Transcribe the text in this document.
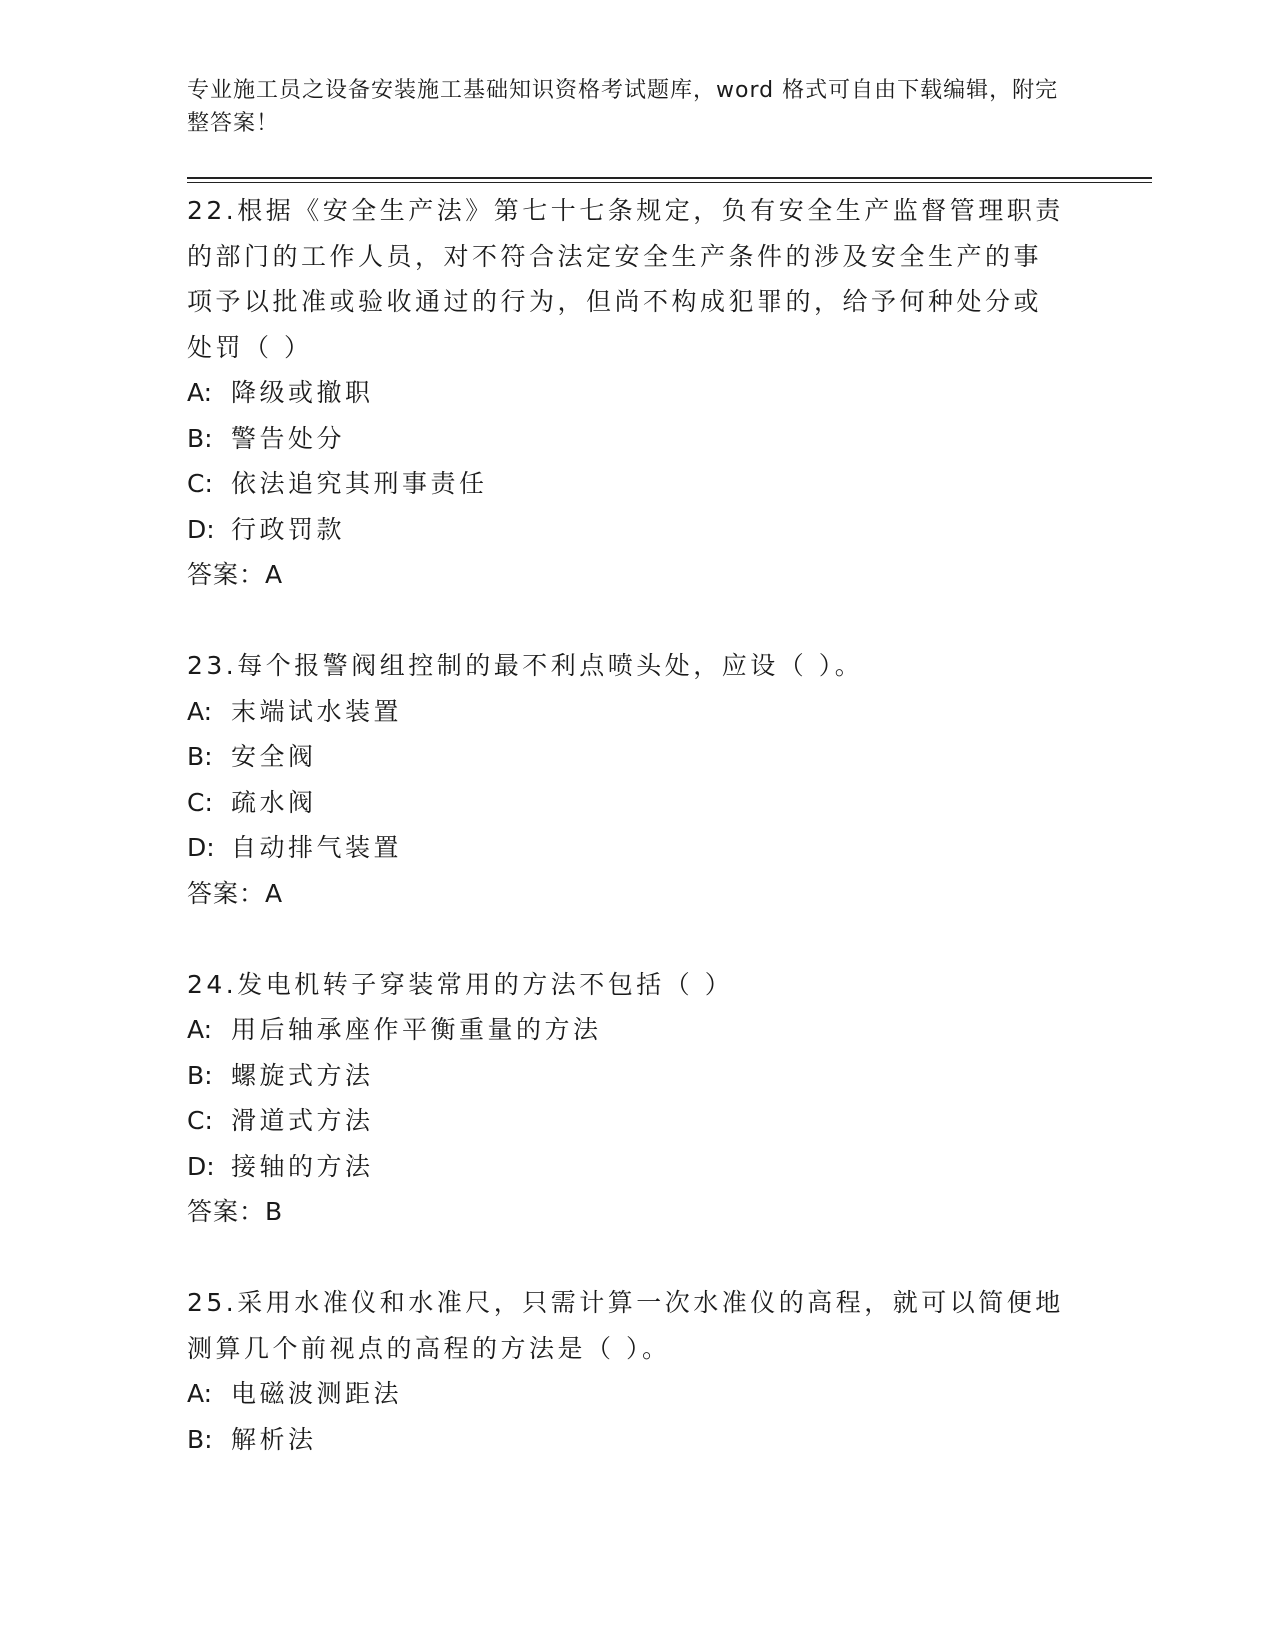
专业施工员之设备安装施工基础知识资格考试题库，word 格式可自由下载编辑，附完整答案！

22.根据《安全生产法》第七十七条规定，负有安全生产监督管理职责的部门的工作人员，对不符合法定安全生产条件的涉及安全生产的事项予以批准或验收通过的行为，但尚不构成犯罪的，给予何种处分或处罚（ ）

A: 降级或撤职

B: 警告处分

C: 依法追究其刑事责任

D: 行政罚款

答案：A

23.每个报警阀组控制的最不利点喷头处，应设（ ）。

A: 末端试水装置

B: 安全阀

C: 疏水阀

D: 自动排气装置

答案：A

24.发电机转子穿装常用的方法不包括（ ）

A: 用后轴承座作平衡重量的方法

B: 螺旋式方法

C: 滑道式方法

D: 接轴的方法

答案：B

25.采用水准仪和水准尺，只需计算一次水准仪的高程，就可以简便地测算几个前视点的高程的方法是（ ）。

A: 电磁波测距法

B: 解析法
